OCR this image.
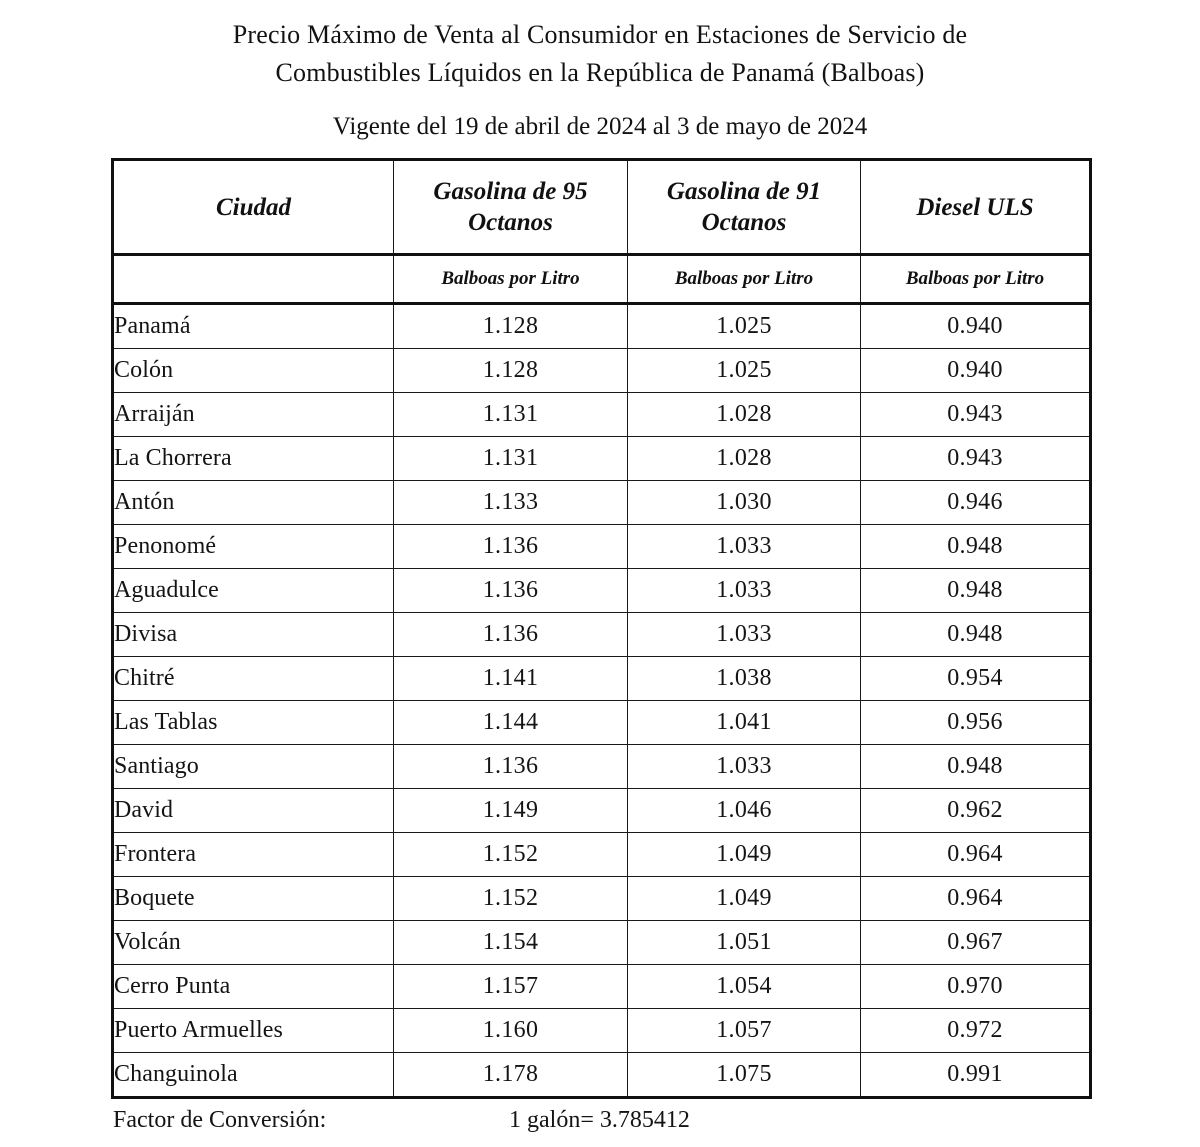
Precio Máximo de Venta al Consumidor en Estaciones de Servicio de
Combustibles Líquidos en la República de Panamá (Balboas)
Vigente del 19 de abril de 2024 al 3 de mayo de 2024
Ciudad	Gasolina de 95 Octanos	Gasolina de 91 Octanos	Diesel ULS
	Balboas por Litro	Balboas por Litro	Balboas por Litro
Panamá	1.128	1.025	0.940
Colón	1.128	1.025	0.940
Arraiján	1.131	1.028	0.943
La Chorrera	1.131	1.028	0.943
Antón	1.133	1.030	0.946
Penonomé	1.136	1.033	0.948
Aguadulce	1.136	1.033	0.948
Divisa	1.136	1.033	0.948
Chitré	1.141	1.038	0.954
Las Tablas	1.144	1.041	0.956
Santiago	1.136	1.033	0.948
David	1.149	1.046	0.962
Frontera	1.152	1.049	0.964
Boquete	1.152	1.049	0.964
Volcán	1.154	1.051	0.967
Cerro Punta	1.157	1.054	0.970
Puerto Armuelles	1.160	1.057	0.972
Changuinola	1.178	1.075	0.991
Factor de Conversión:	1 galón= 3.785412
